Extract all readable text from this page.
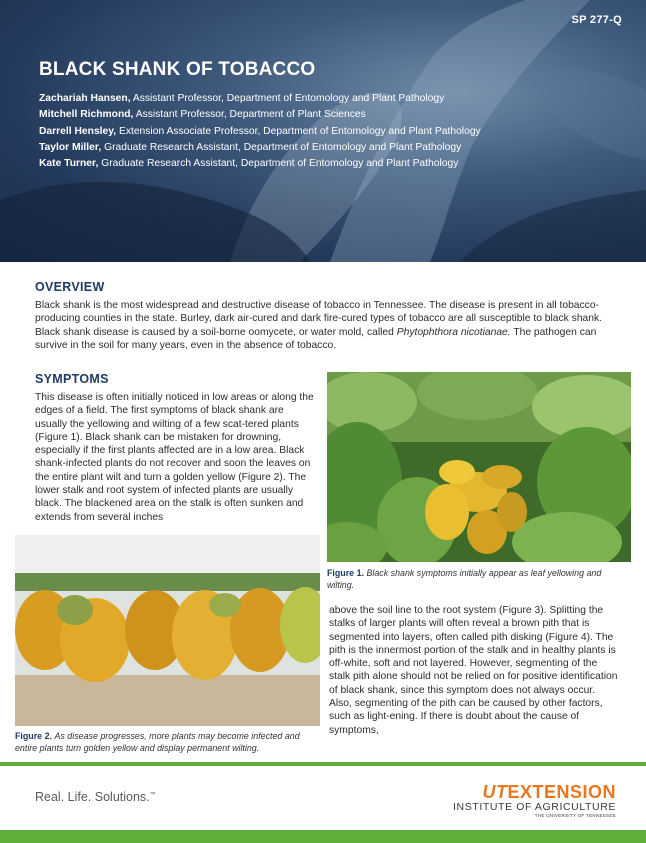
SP 277-Q
BLACK SHANK OF TOBACCO
Zachariah Hansen, Assistant Professor, Department of Entomology and Plant Pathology
Mitchell Richmond, Assistant Professor, Department of Plant Sciences
Darrell Hensley, Extension Associate Professor, Department of Entomology and Plant Pathology
Taylor Miller, Graduate Research Assistant, Department of Entomology and Plant Pathology
Kate Turner, Graduate Research Assistant, Department of Entomology and Plant Pathology
OVERVIEW

Black shank is the most widespread and destructive disease of tobacco in Tennessee. The disease is present in all tobacco-producing counties in the state. Burley, dark air-cured and dark fire-cured types of tobacco are all susceptible to black shank. Black shank disease is caused by a soil-borne oomycete, or water mold, called Phytophthora nicotianae. The pathogen can survive in the soil for many years, even in the absence of tobacco.

SYMPTOMS

This disease is often initially noticed in low areas or along the edges of a field. The first symptoms of black shank are usually the yellowing and wilting of a few scat-tered plants (Figure 1). Black shank can be mistaken for drowning, especially if the first plants affected are in a low area. Black shank-infected plants do not recover and soon the leaves on the entire plant wilt and turn a golden yellow (Figure 2). The lower stalk and root system of infected plants are usually black. The blackened area on the stalk is often sunken and extends from several inches

Figure 1. Black shank symptoms initially appear as leaf yellowing and wilting.

Figure 2. As disease progresses, more plants may become infected and entire plants turn golden yellow and display permanent wilting.

above the soil line to the root system (Figure 3). Splitting the stalks of larger plants will often reveal a brown pith that is segmented into layers, often called pith disking (Figure 4). The pith is the innermost portion of the stalk and in healthy plants is off-white, soft and not layered. However, segmenting of the stalk pith alone should not be relied on for positive identification of black shank, since this symptom does not always occur. Also, segmenting of the pith can be caused by other factors, such as light-ening. If there is doubt about the cause of symptoms,

Real. Life. Solutions.™	UTEXTENSION
INSTITUTE OF AGRICULTURE
THE UNIVERSITY OF TENNESSEE
